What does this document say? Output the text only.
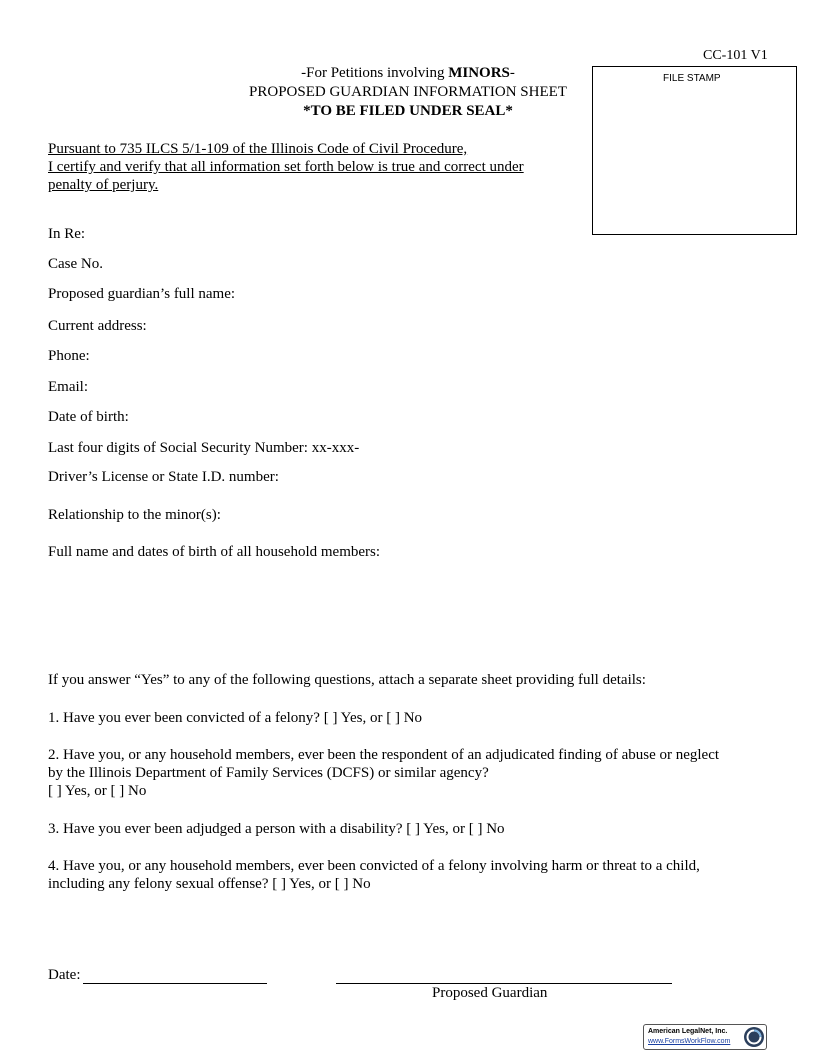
CC-101 V1
FILE STAMP
-For Petitions involving MINORS-
PROPOSED GUARDIAN INFORMATION SHEET
*TO BE FILED UNDER SEAL*
Pursuant to 735 ILCS 5/1-109 of the Illinois Code of Civil Procedure,
I certify and verify that all information set forth below is true and correct under
penalty of perjury.
In Re:
Case No.
Proposed guardian’s full name:
Current address:
Phone:
Email:
Date of birth:
Last four digits of Social Security Number: xx-xxx-
Driver’s License or State I.D. number:
Relationship to the minor(s):
Full name and dates of birth of all household members:
If you answer “Yes” to any of the following questions, attach a separate sheet providing full details:
1. Have you ever been convicted of a felony? [ ] Yes, or [ ] No
2. Have you, or any household members, ever been the respondent of an adjudicated finding of abuse or neglect
by the Illinois Department of Family Services (DCFS) or similar agency?
[ ] Yes, or [ ] No
3. Have you ever been adjudged a person with a disability? [ ] Yes, or [ ] No
4. Have you, or any household members, ever been convicted of a felony involving harm or threat to a child,
including any felony sexual offense? [ ] Yes, or [ ] No
Date:
Proposed Guardian
American LegalNet, Inc.
www.FormsWorkFlow.com
